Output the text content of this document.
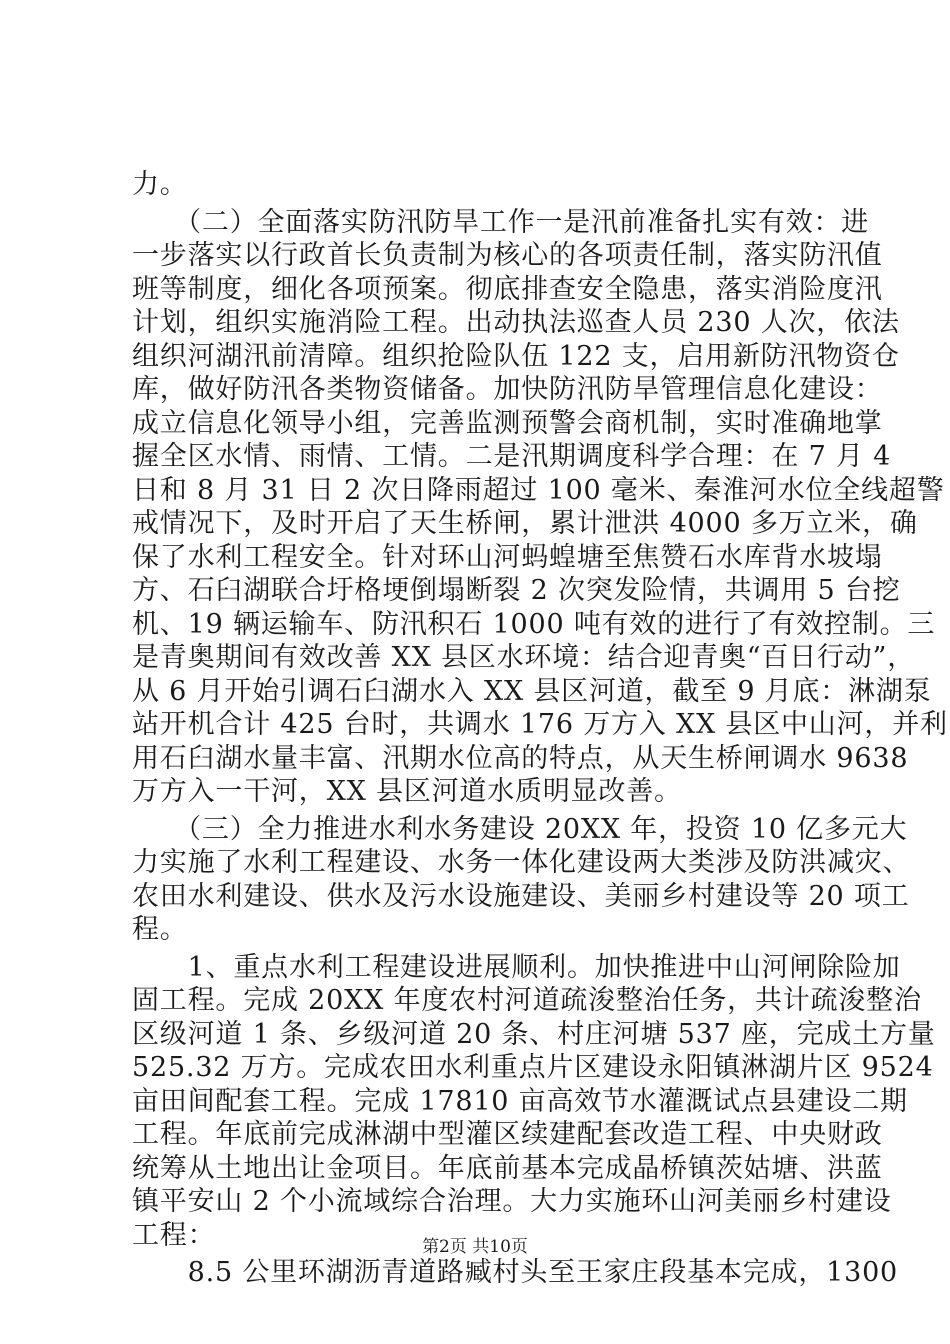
力。
　　（二）全面落实防汛防旱工作一是汛前准备扎实有效：进
一步落实以行政首长负责制为核心的各项责任制，落实防汛值
班等制度，细化各项预案。彻底排查安全隐患，落实消险度汛
计划，组织实施消险工程。出动执法巡查人员 230 人次，依法
组织河湖汛前清障。组织抢险队伍 122 支，启用新防汛物资仓
库，做好防汛各类物资储备。加快防汛防旱管理信息化建设：
成立信息化领导小组，完善监测预警会商机制，实时准确地掌
握全区水情、雨情、工情。二是汛期调度科学合理：在 7 月 4
日和 8 月 31 日 2 次日降雨超过 100 毫米、秦淮河水位全线超警
戒情况下，及时开启了天生桥闸，累计泄洪 4000 多万立米，确
保了水利工程安全。针对环山河蚂蝗塘至焦赞石水库背水坡塌
方、石臼湖联合圩格埂倒塌断裂 2 次突发险情，共调用 5 台挖
机、19 辆运输车、防汛积石 1000 吨有效的进行了有效控制。三
是青奥期间有效改善 XX 县区水环境：结合迎青奥“百日行动”，
从 6 月开始引调石臼湖水入 XX 县区河道，截至 9 月底：淋湖泵
站开机合计 425 台时，共调水 176 万方入 XX 县区中山河，并利
用石臼湖水量丰富、汛期水位高的特点，从天生桥闸调水 9638
万方入一干河，XX 县区河道水质明显改善。
　　（三）全力推进水利水务建设 20XX 年，投资 10 亿多元大
力实施了水利工程建设、水务一体化建设两大类涉及防洪减灾、
农田水利建设、供水及污水设施建设、美丽乡村建设等 20 项工
程。
　　1、重点水利工程建设进展顺利。加快推进中山河闸除险加
固工程。完成 20XX 年度农村河道疏浚整治任务，共计疏浚整治
区级河道 1 条、乡级河道 20 条、村庄河塘 537 座，完成土方量
525.32 万方。完成农田水利重点片区建设永阳镇淋湖片区 9524
亩田间配套工程。完成 17810 亩高效节水灌溉试点县建设二期
工程。年底前完成淋湖中型灌区续建配套改造工程、中央财政
统筹从土地出让金项目。年底前基本完成晶桥镇茨姑塘、洪蓝
镇平安山 2 个小流域综合治理。大力实施环山河美丽乡村建设
工程：
　　8.5 公里环湖沥青道路臧村头至王家庄段基本完成，1300
第2页 共10页
